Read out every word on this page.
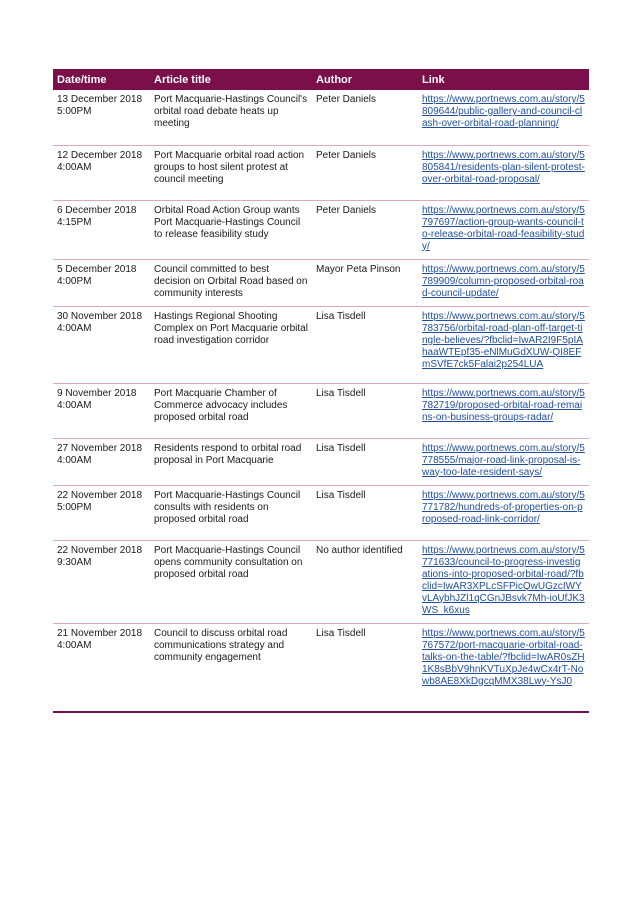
Date/time	Article title	Author	Link
13 December 2018 5:00PM	Port Macquarie-Hastings Council's orbital road debate heats up meeting	Peter Daniels	https://www.portnews.com.au/story/5809644/public-gallery-and-council-clash-over-orbital-road-planning/
12 December 2018 4:00AM	Port Macquarie orbital road action groups to host silent protest at council meeting	Peter Daniels	https://www.portnews.com.au/story/5805841/residents-plan-silent-protest-over-orbital-road-proposal/
6 December 2018 4:15PM	Orbital Road Action Group wants Port Macquarie-Hastings Council to release feasibility study	Peter Daniels	https://www.portnews.com.au/story/5797697/action-group-wants-council-to-release-orbital-road-feasibility-study/
5 December 2018 4:00PM	Council committed to best decision on Orbital Road based on community interests	Mayor Peta Pinson	https://www.portnews.com.au/story/5789909/column-proposed-orbital-road-council-update/
30 November 2018 4:00AM	Hastings Regional Shooting Complex on Port Macquarie orbital road investigation corridor	Lisa Tisdell	https://www.portnews.com.au/story/5783756/orbital-road-plan-off-target-tingle-believes/?fbclid=IwAR2I9F5pIAhaaWTEpf35-eNlMuGdXUW-QI8EFmSVfE7ck5Falai2p254LUA
9 November 2018 4:00AM	Port Macquarie Chamber of Commerce advocacy includes proposed orbital road	Lisa Tisdell	https://www.portnews.com.au/story/5782719/proposed-orbital-road-remains-on-business-groups-radar/
27 November 2018 4:00AM	Residents respond to orbital road proposal in Port Macquarie	Lisa Tisdell	https://www.portnews.com.au/story/5778555/major-road-link-proposal-is-way-too-late-resident-says/
22 November 2018 5:00PM	Port Macquarie-Hastings Council consults with residents on proposed orbital road	Lisa Tisdell	https://www.portnews.com.au/story/5771782/hundreds-of-properties-on-proposed-road-link-corridor/
22 November 2018 9:30AM	Port Macquarie-Hastings Council opens community consultation on proposed orbital road	No author identified	https://www.portnews.com.au/story/5771633/council-to-progress-investigations-into-proposed-orbital-road/?fbclid=IwAR3XPLcSFPicQwUGzcIWYvLAybhJZl1qCGnJBsvk7Mh-ioUfJK3WS_k6xus
21 November 2018 4:00AM	Council to discuss orbital road communications strategy and community engagement	Lisa Tisdell	https://www.portnews.com.au/story/5767572/port-macquarie-orbital-road-talks-on-the-table/?fbclid=IwAR0sZH1K8sBbV9hnKVTuXpJe4wCx4rT-Nowb8AE8XkDgcqMMX38Lwy-YsJ0
